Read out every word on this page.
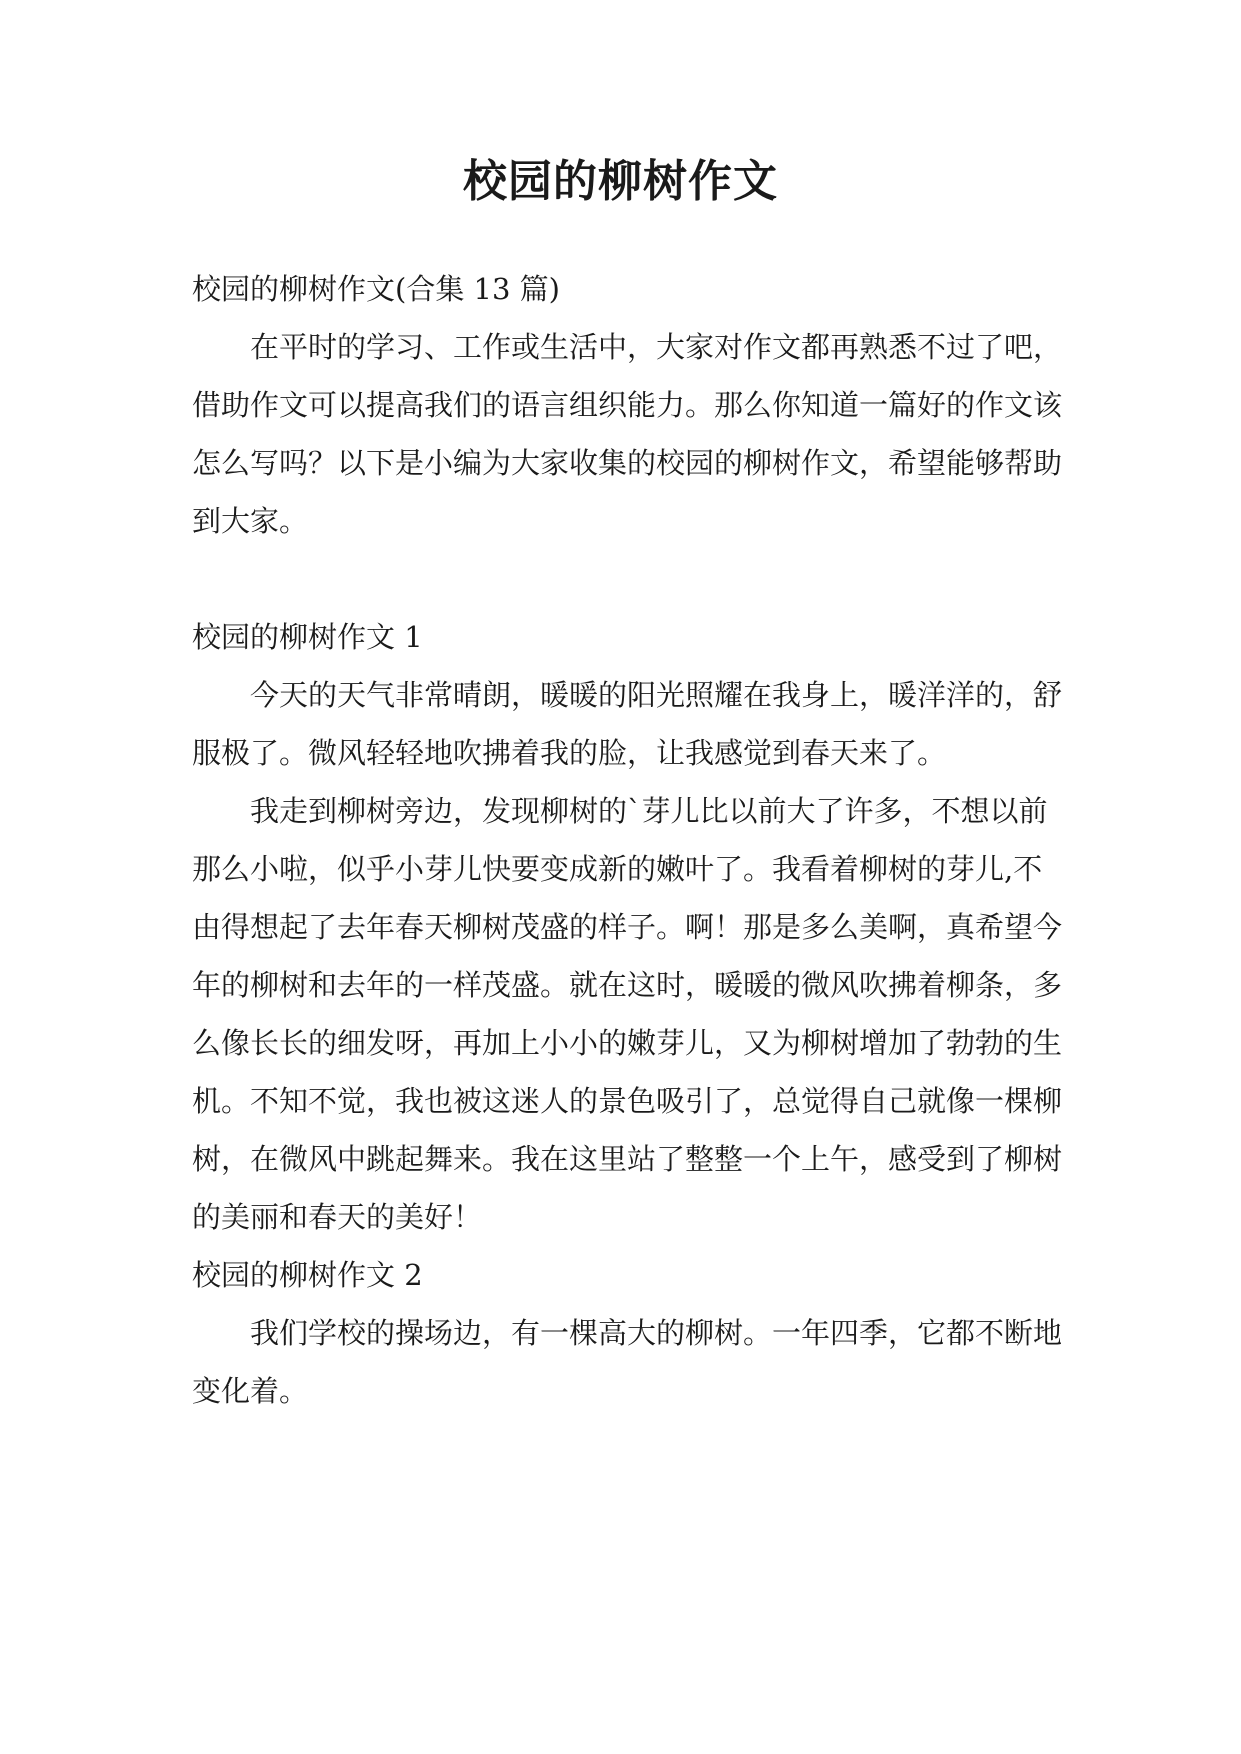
校园的柳树作文

校园的柳树作文(合集 13 篇)

在平时的学习、工作或生活中，大家对作文都再熟悉不过了吧，借助作文可以提高我们的语言组织能力。那么你知道一篇好的作文该怎么写吗？以下是小编为大家收集的校园的柳树作文，希望能够帮助到大家。

校园的柳树作文 1

今天的天气非常晴朗，暖暖的阳光照耀在我身上，暖洋洋的，舒服极了。微风轻轻地吹拂着我的脸，让我感觉到春天来了。

我走到柳树旁边，发现柳树的`芽儿比以前大了许多，不想以前那么小啦，似乎小芽儿快要变成新的嫩叶了。我看着柳树的芽儿,不由得想起了去年春天柳树茂盛的样子。啊！那是多么美啊，真希望今年的柳树和去年的一样茂盛。就在这时，暖暖的微风吹拂着柳条，多么像长长的细发呀，再加上小小的嫩芽儿，又为柳树增加了勃勃的生机。不知不觉，我也被这迷人的景色吸引了，总觉得自己就像一棵柳树，在微风中跳起舞来。我在这里站了整整一个上午，感受到了柳树的美丽和春天的美好！

校园的柳树作文 2

我们学校的操场边，有一棵高大的柳树。一年四季，它都不断地变化着。
